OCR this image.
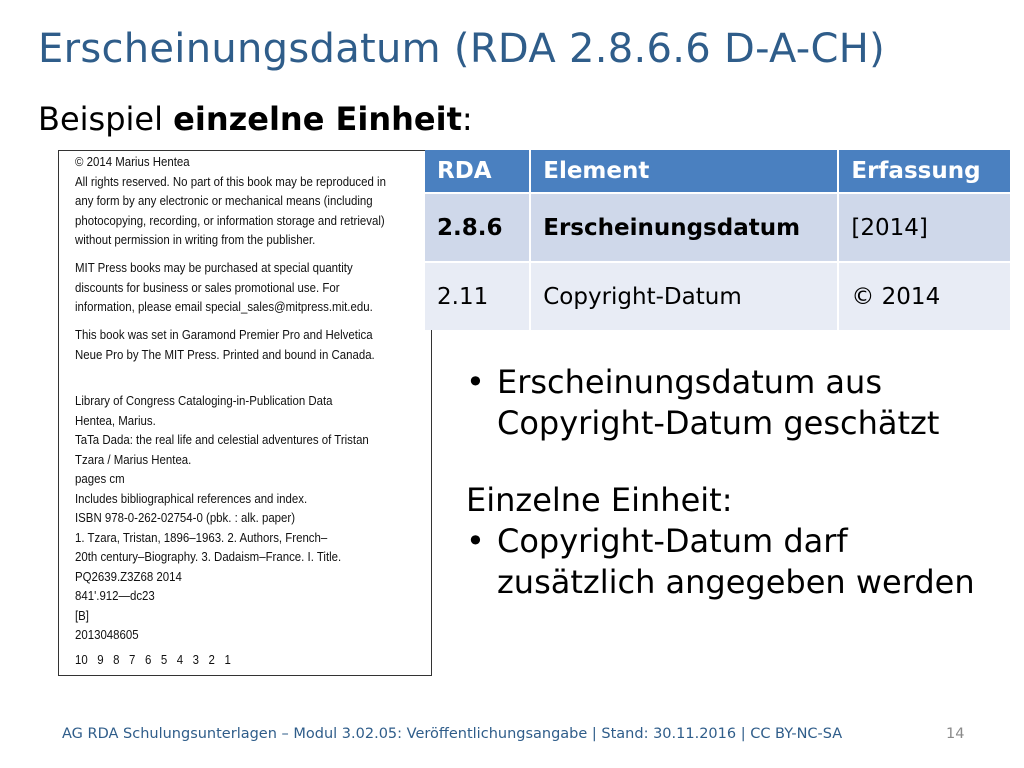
Erscheinungsdatum (RDA 2.8.6.6 D-A-CH)
Beispiel einzelne Einheit:
© 2014 Marius Hentea
All rights reserved. No part of this book may be reproduced in
any form by any electronic or mechanical means (including
photocopying, recording, or information storage and retrieval)
without permission in writing from the publisher.
MIT Press books may be purchased at special quantity
discounts for business or sales promotional use. For
information, please email special_sales@mitpress.mit.edu.
This book was set in Garamond Premier Pro and Helvetica
Neue Pro by The MIT Press. Printed and bound in Canada.
Library of Congress Cataloging-in-Publication Data
Hentea, Marius.
TaTa Dada: the real life and celestial adventures of Tristan
Tzara / Marius Hentea.
pages cm
Includes bibliographical references and index.
ISBN 978-0-262-02754-0 (pbk. : alk. paper)
1. Tzara, Tristan, 1896–1963. 2. Authors, French–
20th century–Biography. 3. Dadaism–France. I. Title.
PQ2639.Z3Z68 2014
841'.912—dc23
[B]
2013048605
10   9   8   7   6   5   4   3   2   1
RDA	Element	Erfassung
2.8.6	Erscheinungsdatum	[2014]
2.11	Copyright-Datum	© 2014
• Erscheinungsdatum aus Copyright-Datum geschätzt
Einzelne Einheit:
• Copyright-Datum darf zusätzlich angegeben werden
AG RDA Schulungsunterlagen – Modul 3.02.05: Veröffentlichungsangabe | Stand: 30.11.2016 | CC BY-NC-SA	14
